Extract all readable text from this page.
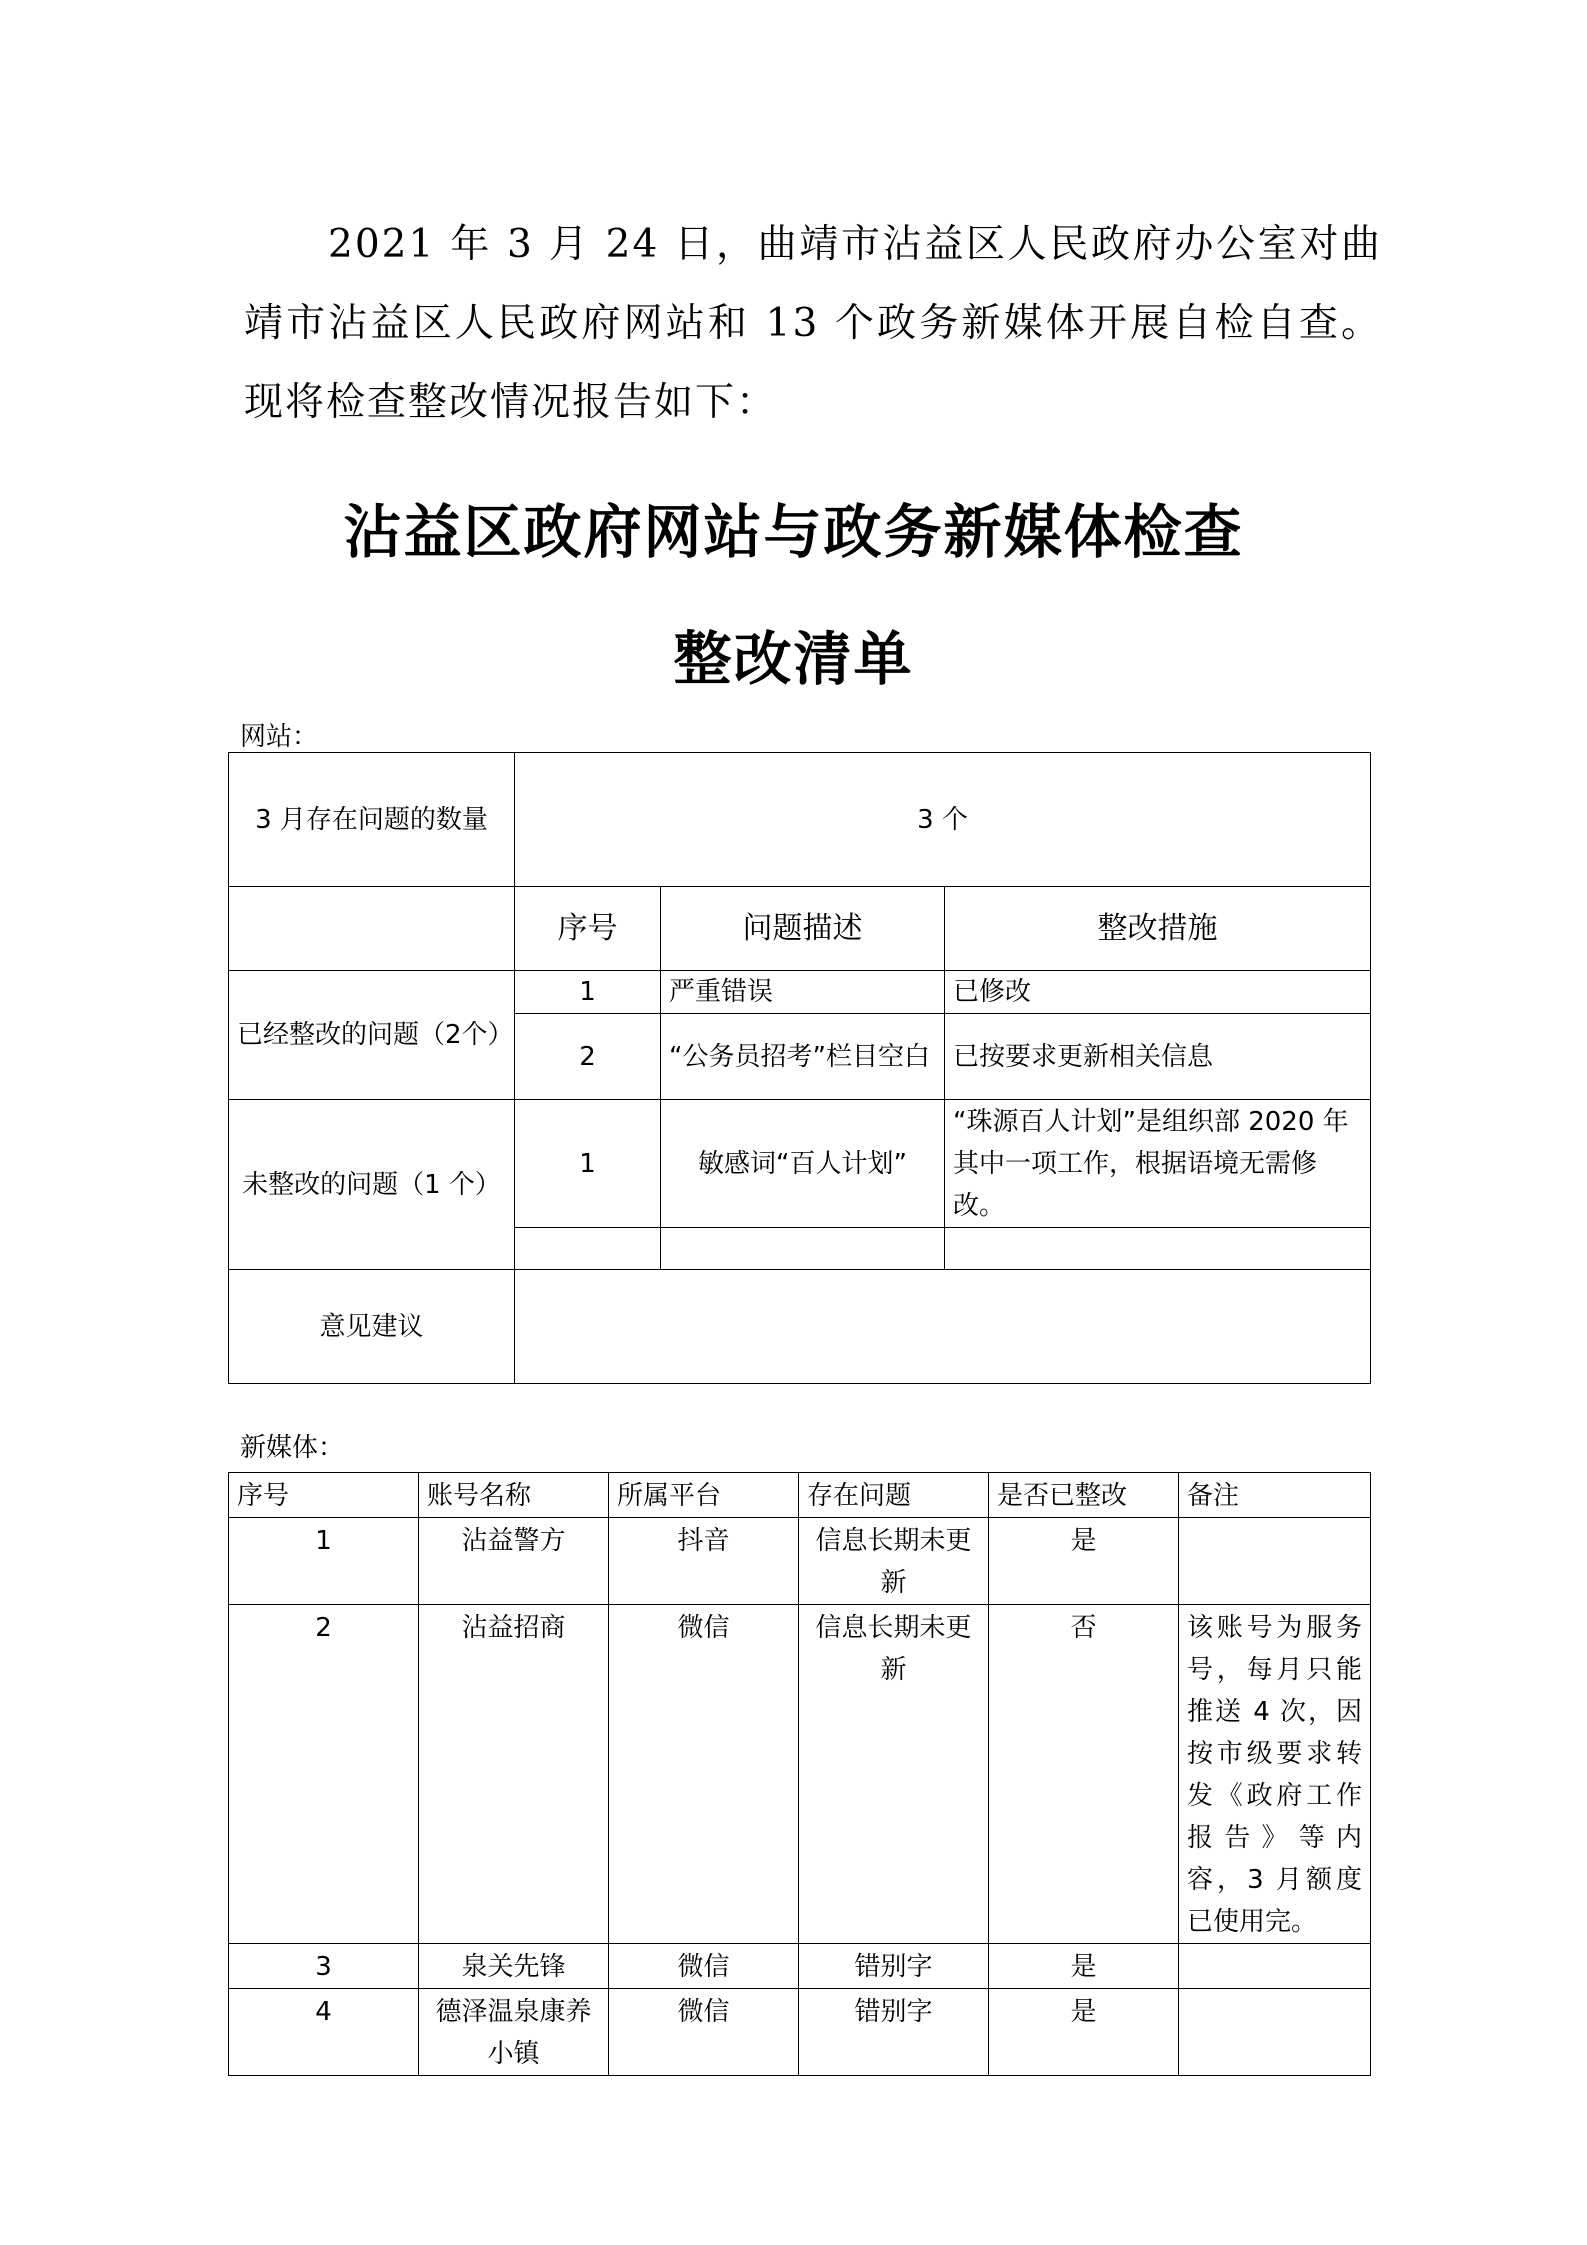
2021 年 3 月 24 日，曲靖市沾益区人民政府办公室对曲靖市沾益区人民政府网站和 13 个政务新媒体开展自检自查。现将检查整改情况报告如下：

沾益区政府网站与政务新媒体检查
整改清单

网站：

3 月存在问题的数量	3 个		
	序号	问题描述	整改措施
已经整改的问题（2个）	1	严重错误	已修改
	2	“公务员招考”栏目空白	已按要求更新相关信息
未整改的问题（1 个）	1	敏感词“百人计划”	“珠源百人计划”是组织部 2020 年其中一项工作，根据语境无需修改。

意见建议			

新媒体：

序号	账号名称	所属平台	存在问题	是否已整改	备注
1	沾益警方	抖音	信息长期未更新	是	
2	沾益招商	微信	信息长期未更新	否	该账号为服务号，每月只能推送 4 次，因按市级要求转发《政府工作报告》等内容，3 月额度已使用完。
3	泉关先锋	微信	错别字	是	
4	德泽温泉康养小镇	微信	错别字	是	
